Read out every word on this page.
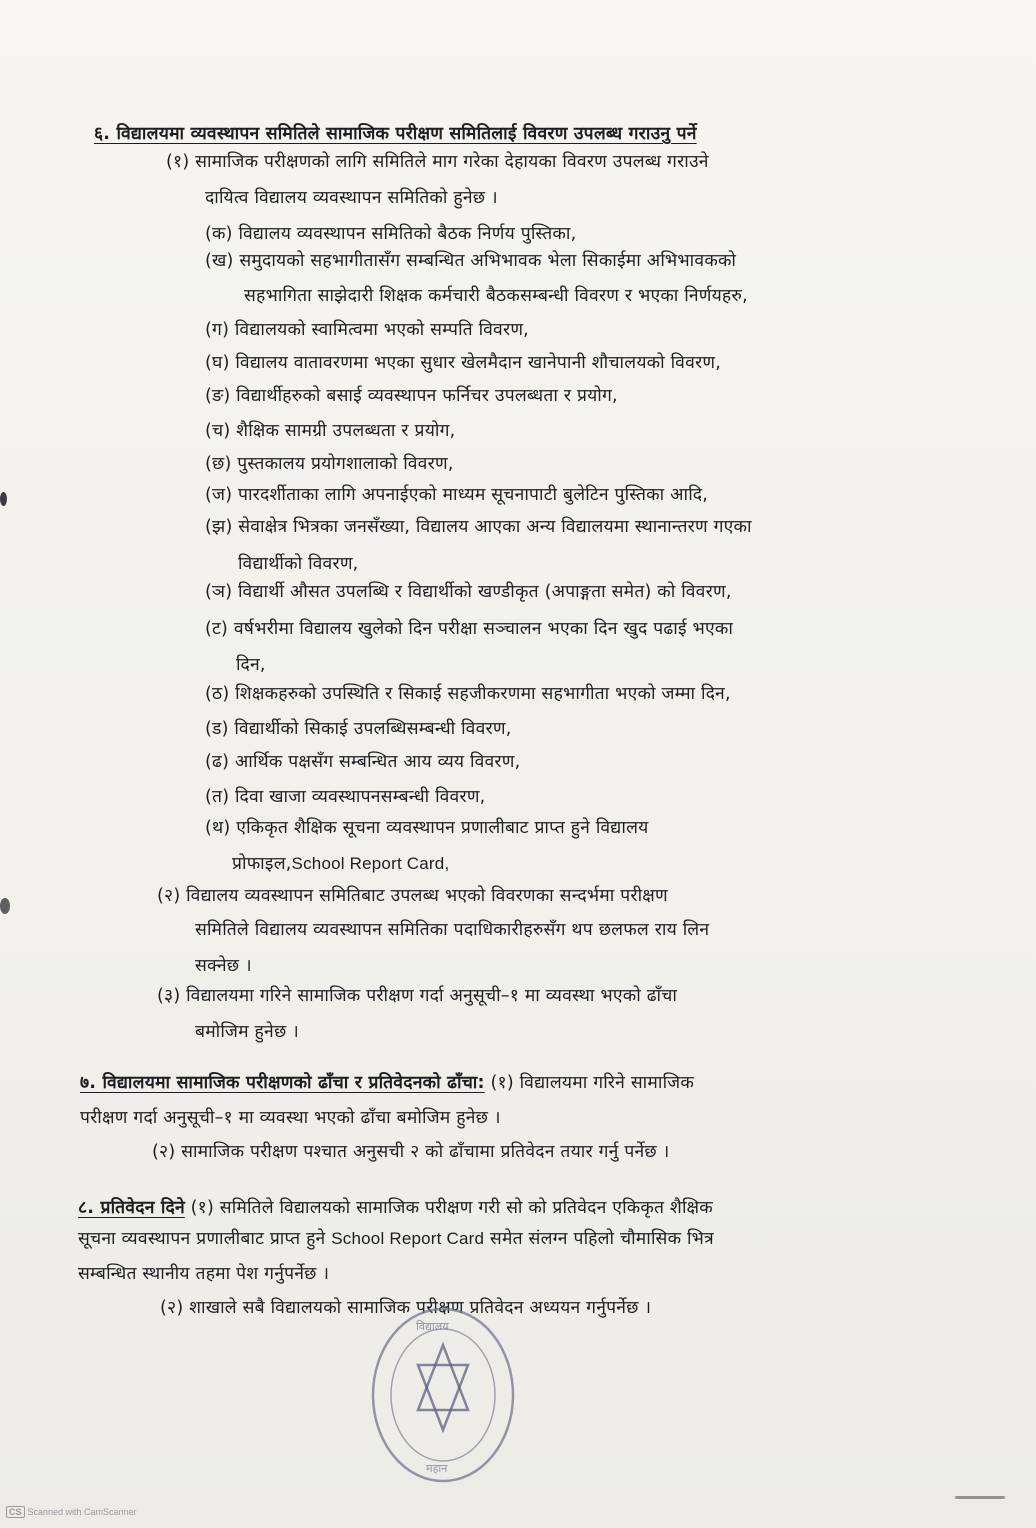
६. विद्यालयमा व्यवस्थापन समितिले सामाजिक परीक्षण समितिलाई विवरण उपलब्ध गराउनु पर्ने
(१) सामाजिक परीक्षणको लागि समितिले माग गरेका देहायका विवरण उपलब्ध गराउने
दायित्व विद्यालय व्यवस्थापन समितिको हुनेछ ।
(क) विद्यालय व्यवस्थापन समितिको बैठक निर्णय पुस्तिका,
(ख) समुदायको सहभागीतासँग सम्बन्धित अभिभावक भेला सिकाईमा अभिभावकको
सहभागिता साझेदारी शिक्षक कर्मचारी बैठकसम्बन्धी विवरण र भएका निर्णयहरु,
(ग) विद्यालयको स्वामित्वमा भएको सम्पति विवरण,
(घ) विद्यालय वातावरणमा भएका सुधार खेलमैदान खानेपानी शौचालयको विवरण,
(ङ) विद्यार्थीहरुको बसाई व्यवस्थापन फर्निचर उपलब्धता र प्रयोग,
(च) शैक्षिक सामग्री उपलब्धता र प्रयोग,
(छ) पुस्तकालय प्रयोगशालाको विवरण,
(ज) पारदर्शीताका लागि अपनाईएको माध्यम सूचनापाटी बुलेटिन पुस्तिका आदि,
(झ) सेवाक्षेत्र भित्रका जनसँख्या, विद्यालय आएका अन्य विद्यालयमा स्थानान्तरण गएका
विद्यार्थीको विवरण,
(ञ) विद्यार्थी औसत उपलब्धि र विद्यार्थीको खण्डीकृत (अपाङ्गता समेत) को विवरण,
(ट) वर्षभरीमा विद्यालय खुलेको दिन परीक्षा सञ्चालन भएका दिन खुद पढाई भएका
दिन,
(ठ) शिक्षकहरुको उपस्थिति र सिकाई सहजीकरणमा सहभागीता भएको जम्मा दिन,
(ड) विद्यार्थीको सिकाई उपलब्धिसम्बन्धी विवरण,
(ढ) आर्थिक पक्षसँग सम्बन्धित आय व्यय विवरण,
(त) दिवा खाजा व्यवस्थापनसम्बन्धी विवरण,
(थ) एकिकृत शैक्षिक सूचना व्यवस्थापन प्रणालीबाट प्राप्त हुने विद्यालय
प्रोफाइल,School Report Card,
(२) विद्यालय व्यवस्थापन समितिबाट उपलब्ध भएको विवरणका सन्दर्भमा परीक्षण
समितिले विद्यालय व्यवस्थापन समितिका पदाधिकारीहरुसँग थप छलफल राय लिन
सक्नेछ ।
(३) विद्यालयमा गरिने सामाजिक परीक्षण गर्दा अनुसूची–१ मा व्यवस्था भएको ढाँचा
बमोजिम हुनेछ ।
७. विद्यालयमा सामाजिक परीक्षणको ढाँचा र प्रतिवेदनको ढाँचा: (१) विद्यालयमा गरिने सामाजिक
परीक्षण गर्दा अनुसूची–१ मा व्यवस्था भएको ढाँचा बमोजिम हुनेछ ।
(२) सामाजिक परीक्षण पश्चात अनुसची २ को ढाँचामा प्रतिवेदन तयार गर्नु पर्नेछ ।
८. प्रतिवेदन दिने (१) समितिले विद्यालयको सामाजिक परीक्षण गरी सो को प्रतिवेदन एकिकृत शैक्षिक
सूचना व्यवस्थापन प्रणालीबाट प्राप्त हुने School Report Card समेत संलग्न पहिलो चौमासिक भित्र
सम्बन्धित स्थानीय तहमा पेश गर्नुपर्नेछ ।
(२) शाखाले सबै विद्यालयको सामाजिक परीक्षण प्रतिवेदन अध्ययन गर्नुपर्नेछ ।
विद्यालय
महान
CS Scanned with CamScanner
